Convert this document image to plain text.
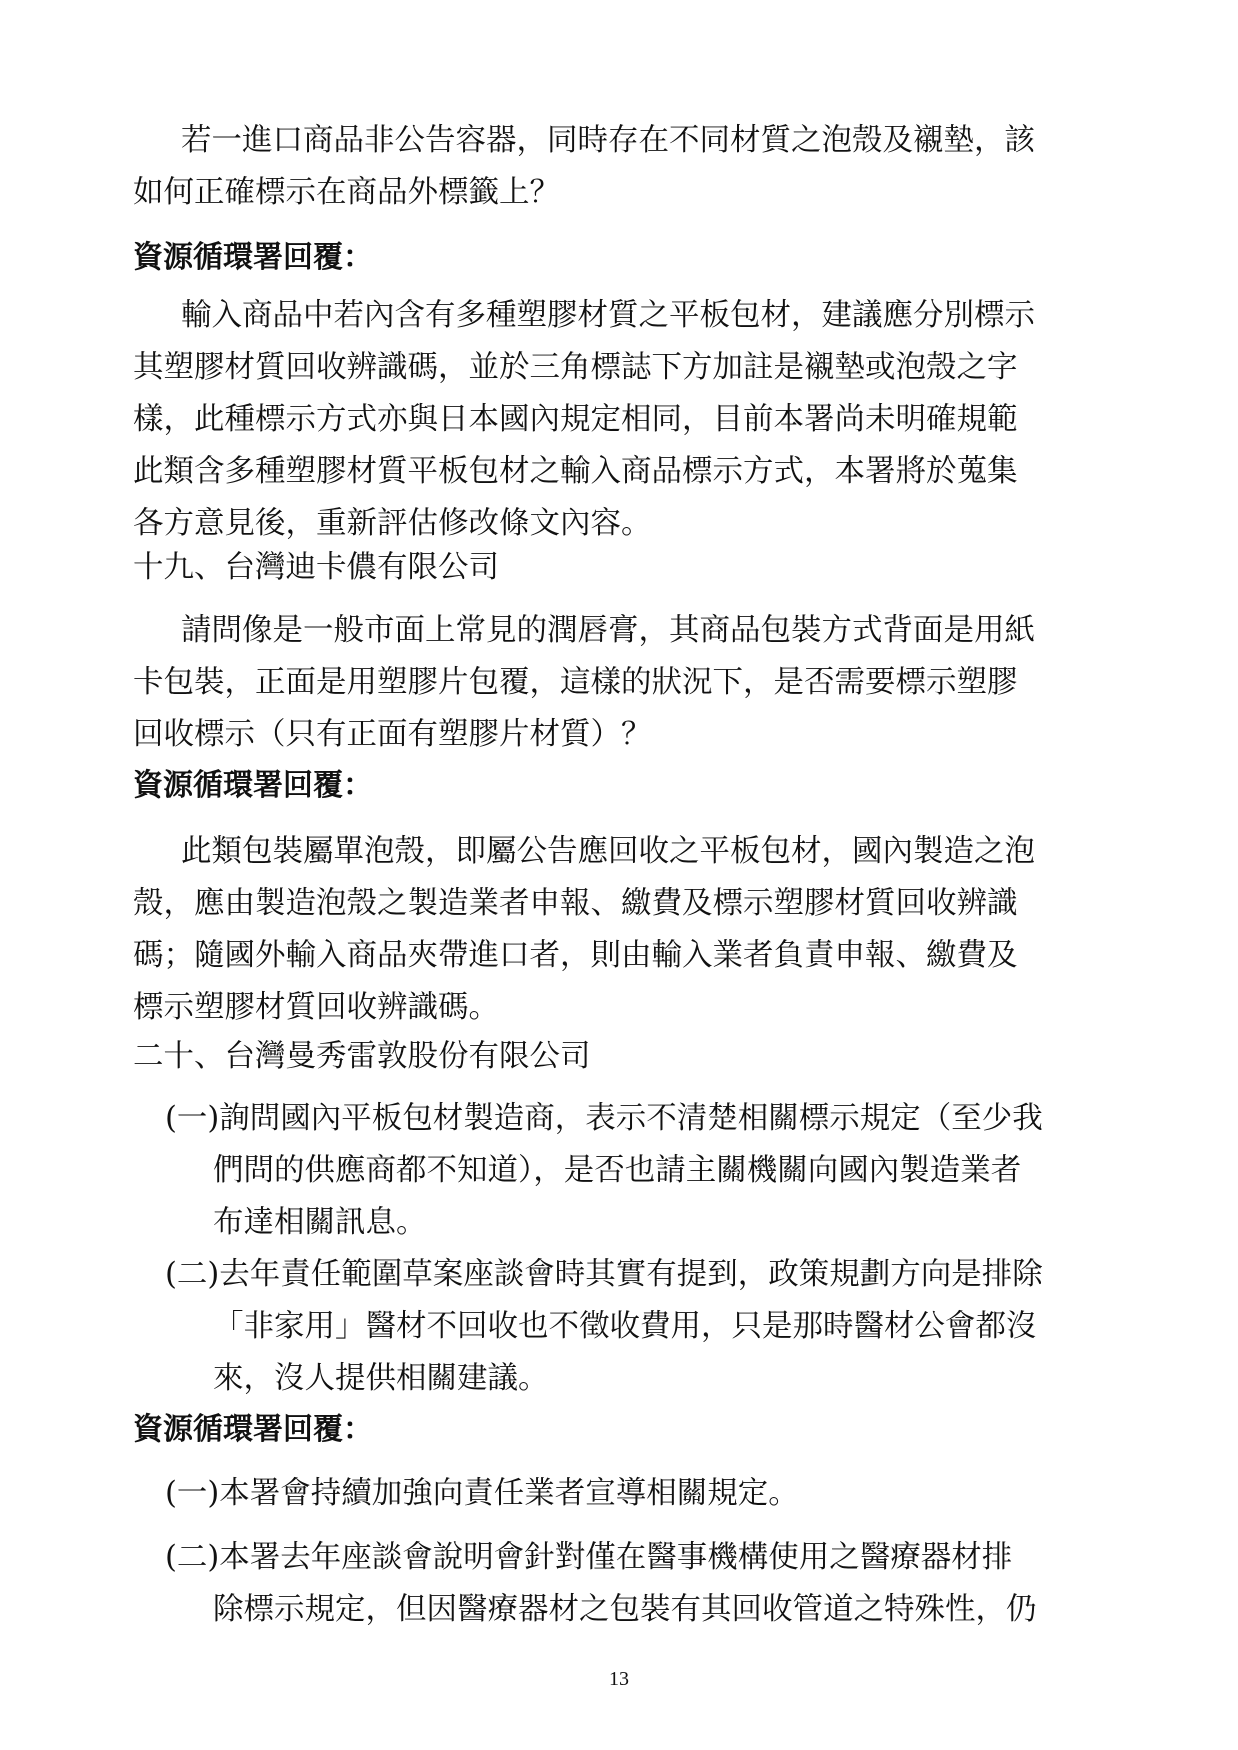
若一進口商品非公告容器，同時存在不同材質之泡殼及襯墊，該
如何正確標示在商品外標籤上？
資源循環署回覆：
輸入商品中若內含有多種塑膠材質之平板包材，建議應分別標示
其塑膠材質回收辨識碼，並於三角標誌下方加註是襯墊或泡殼之字
樣，此種標示方式亦與日本國內規定相同，目前本署尚未明確規範
此類含多種塑膠材質平板包材之輸入商品標示方式，本署將於蒐集
各方意見後，重新評估修改條文內容。
十九、台灣迪卡儂有限公司
請問像是一般市面上常見的潤唇膏，其商品包裝方式背面是用紙
卡包裝，正面是用塑膠片包覆，這樣的狀況下，是否需要標示塑膠
回收標示（只有正面有塑膠片材質）？
資源循環署回覆：
此類包裝屬單泡殼，即屬公告應回收之平板包材，國內製造之泡
殼，應由製造泡殼之製造業者申報、繳費及標示塑膠材質回收辨識
碼；隨國外輸入商品夾帶進口者，則由輸入業者負責申報、繳費及
標示塑膠材質回收辨識碼。
二十、台灣曼秀雷敦股份有限公司
(一)詢問國內平板包材製造商，表示不清楚相關標示規定（至少我
們問的供應商都不知道），是否也請主關機關向國內製造業者
布達相關訊息。
(二)去年責任範圍草案座談會時其實有提到，政策規劃方向是排除
「非家用」醫材不回收也不徵收費用，只是那時醫材公會都沒
來，沒人提供相關建議。
資源循環署回覆：
(一)本署會持續加強向責任業者宣導相關規定。
(二)本署去年座談會說明會針對僅在醫事機構使用之醫療器材排
除標示規定，但因醫療器材之包裝有其回收管道之特殊性，仍
13
